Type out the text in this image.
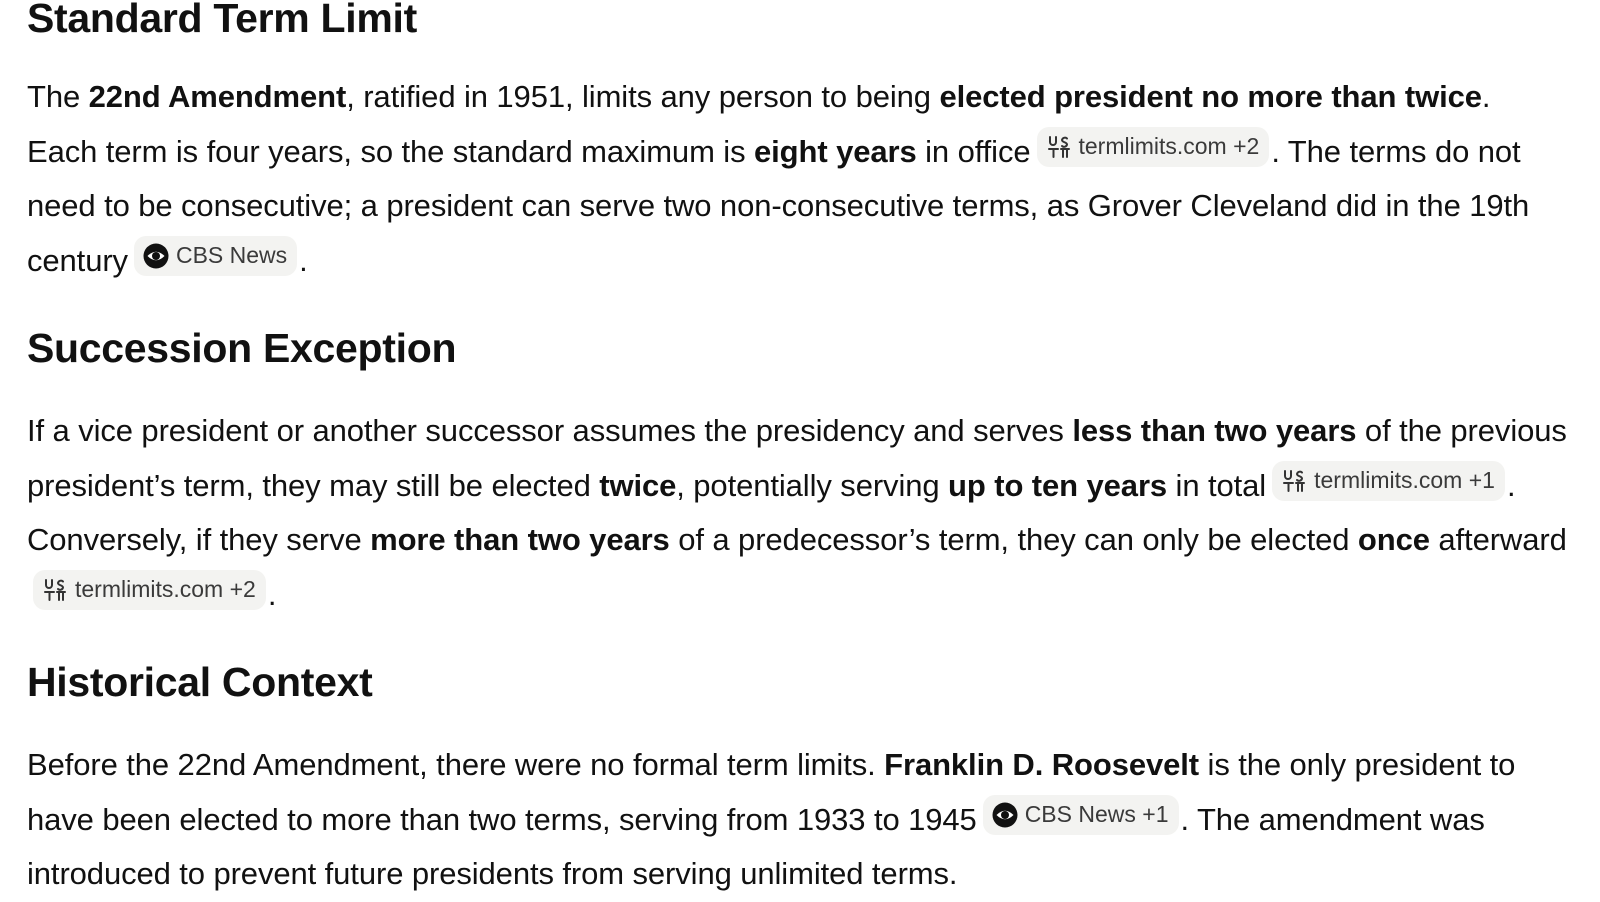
Standard Term Limit

The 22nd Amendment, ratified in 1951, limits any person to being elected president no more than twice. Each term is four years, so the standard maximum is eight years in office termlimits.com +2 . The terms do not need to be consecutive; a president can serve two non-consecutive terms, as Grover Cleveland did in the 19th century CBS News .

Succession Exception

If a vice president or another successor assumes the presidency and serves less than two years of the previous president’s term, they may still be elected twice, potentially serving up to ten years in total termlimits.com +1 . Conversely, if they serve more than two years of a predecessor’s term, they can only be elected once afterward
termlimits.com +2 .

Historical Context

Before the 22nd Amendment, there were no formal term limits. Franklin D. Roosevelt is the only president to have been elected to more than two terms, serving from 1933 to 1945 CBS News +1 . The amendment was introduced to prevent future presidents from serving unlimited terms.
